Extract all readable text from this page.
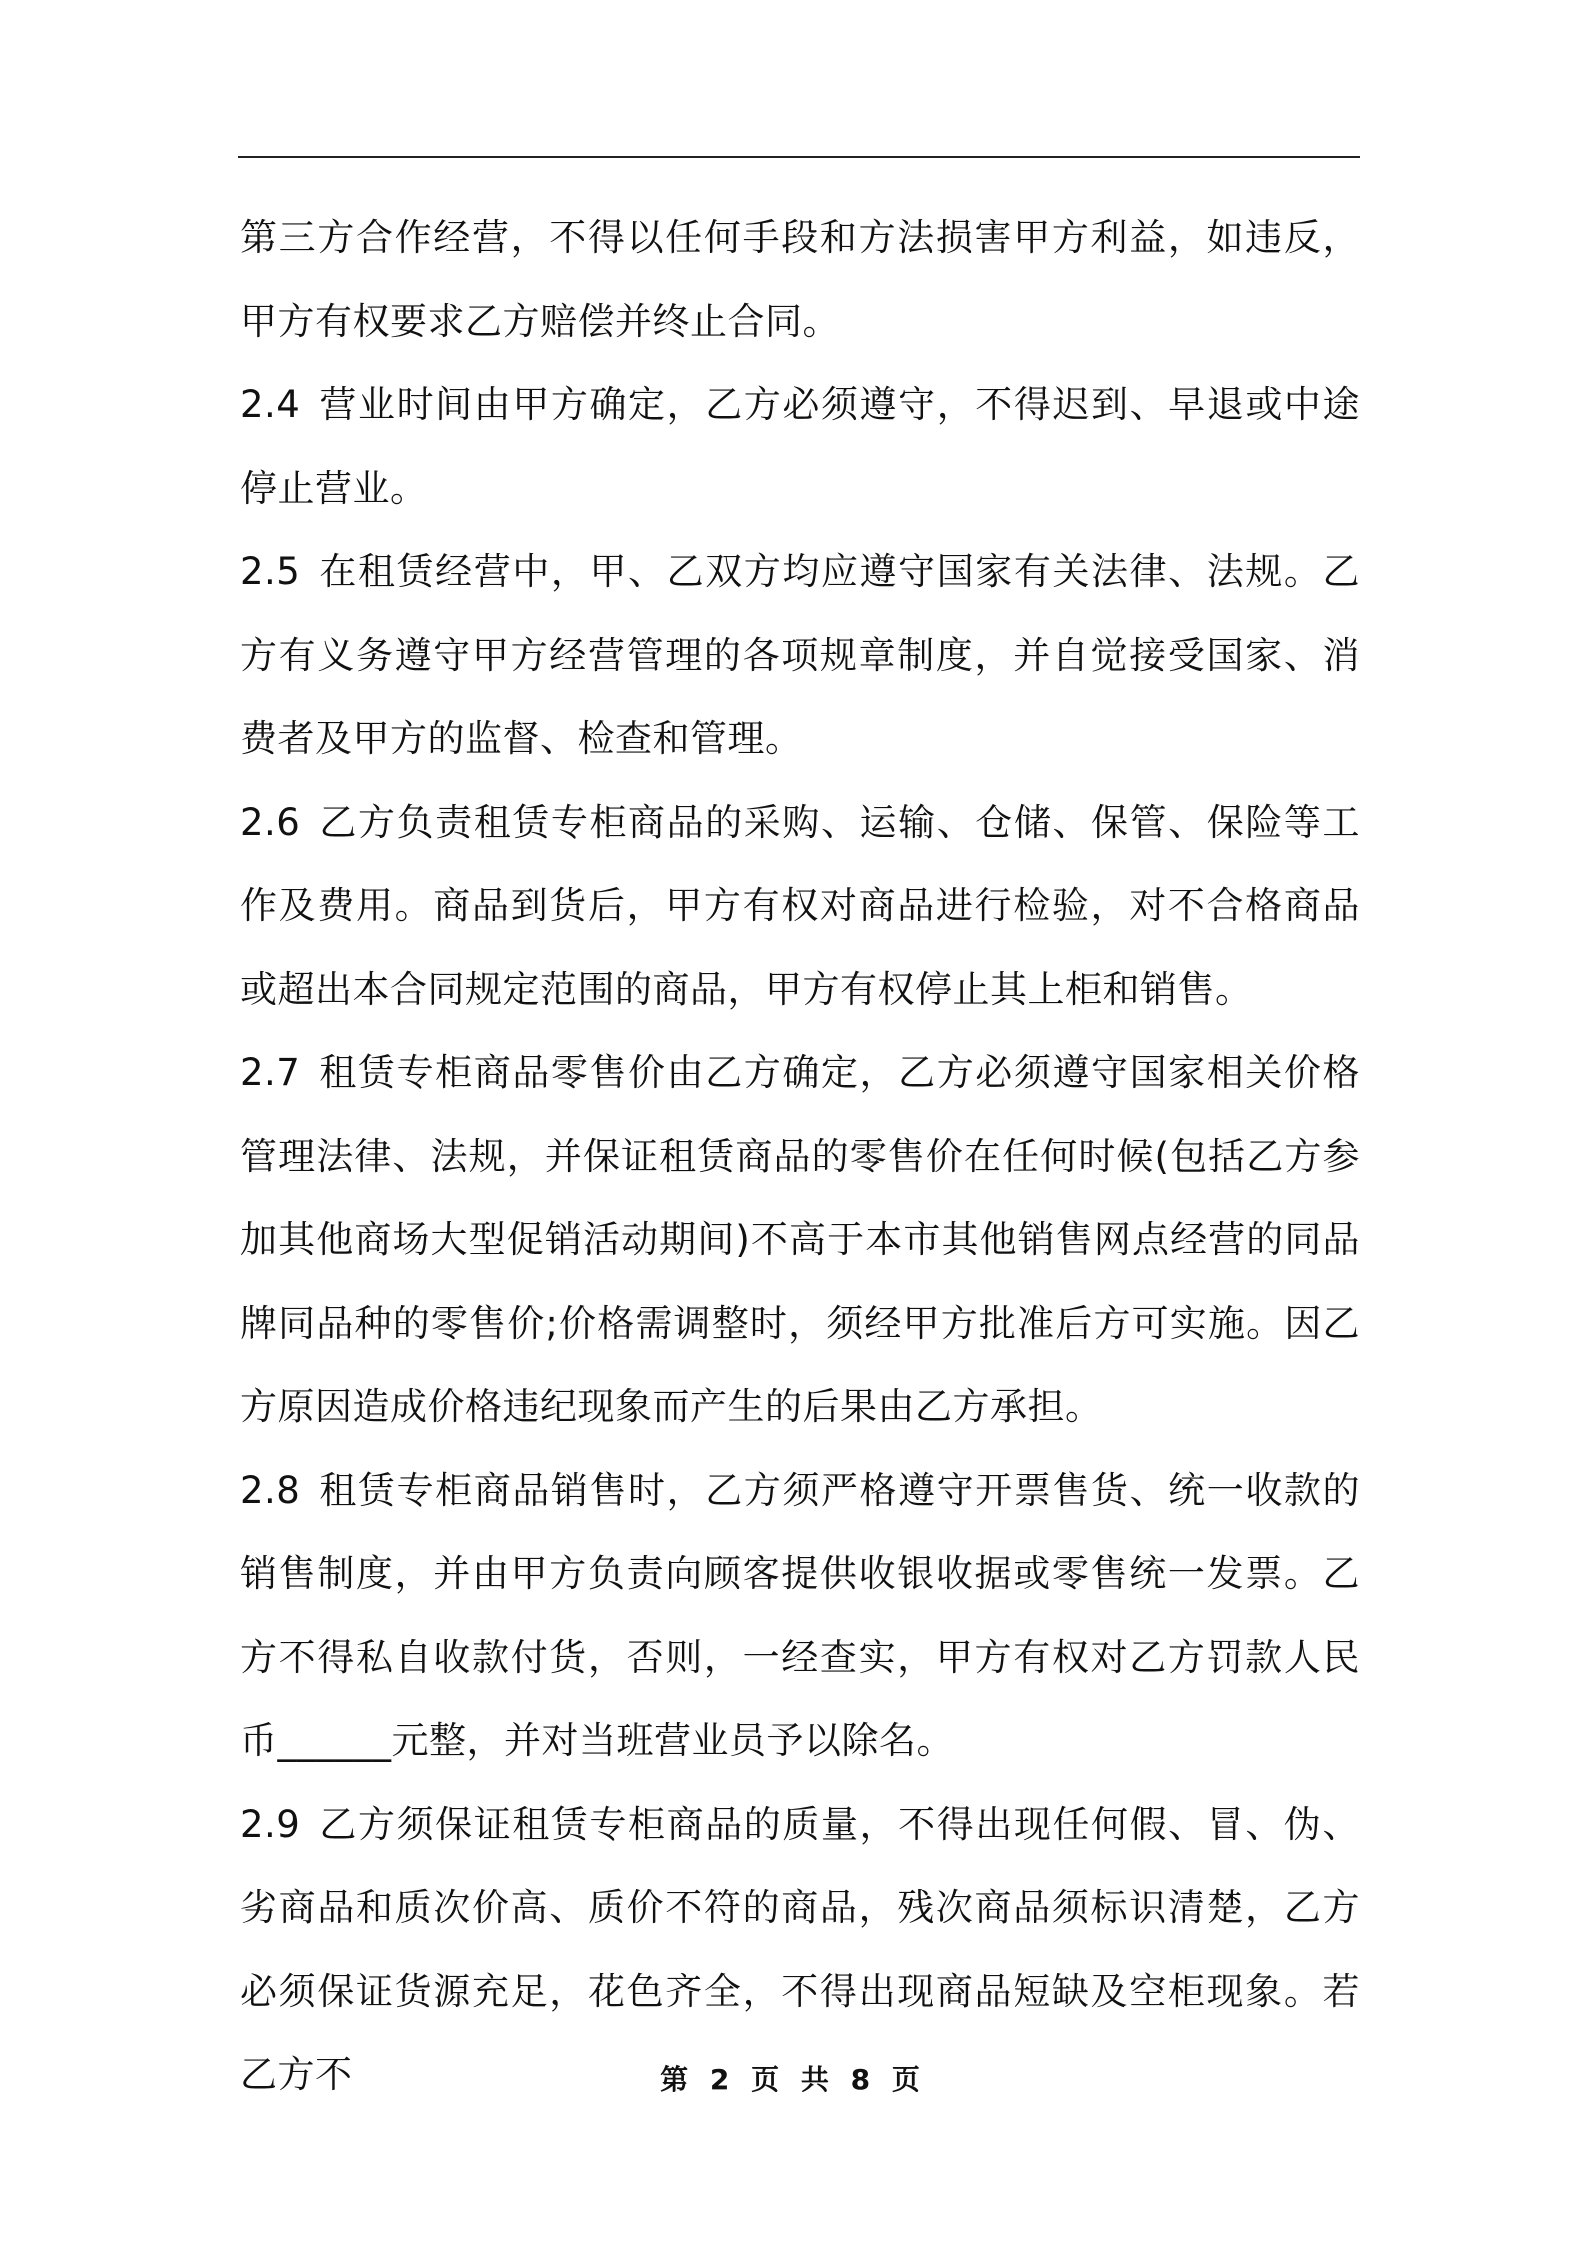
第三方合作经营，不得以任何手段和方法损害甲方利益，如违反，甲方有权要求乙方赔偿并终止合同。

2.4 营业时间由甲方确定，乙方必须遵守，不得迟到、早退或中途停止营业。

2.5 在租赁经营中，甲、乙双方均应遵守国家有关法律、法规。乙方有义务遵守甲方经营管理的各项规章制度，并自觉接受国家、消费者及甲方的监督、检查和管理。

2.6 乙方负责租赁专柜商品的采购、运输、仓储、保管、保险等工作及费用。商品到货后，甲方有权对商品进行检验，对不合格商品或超出本合同规定范围的商品，甲方有权停止其上柜和销售。

2.7 租赁专柜商品零售价由乙方确定，乙方必须遵守国家相关价格管理法律、法规，并保证租赁商品的零售价在任何时候(包括乙方参加其他商场大型促销活动期间)不高于本市其他销售网点经营的同品牌同品种的零售价;价格需调整时，须经甲方批准后方可实施。因乙方原因造成价格违纪现象而产生的后果由乙方承担。

2.8 租赁专柜商品销售时，乙方须严格遵守开票售货、统一收款的销售制度，并由甲方负责向顾客提供收银收据或零售统一发票。乙方不得私自收款付货，否则，一经查实，甲方有权对乙方罚款人民币______元整，并对当班营业员予以除名。

2.9 乙方须保证租赁专柜商品的质量，不得出现任何假、冒、伪、劣商品和质次价高、质价不符的商品，残次商品须标识清楚，乙方必须保证货源充足，花色齐全，不得出现商品短缺及空柜现象。若乙方不	第 2 页 共 8 页
